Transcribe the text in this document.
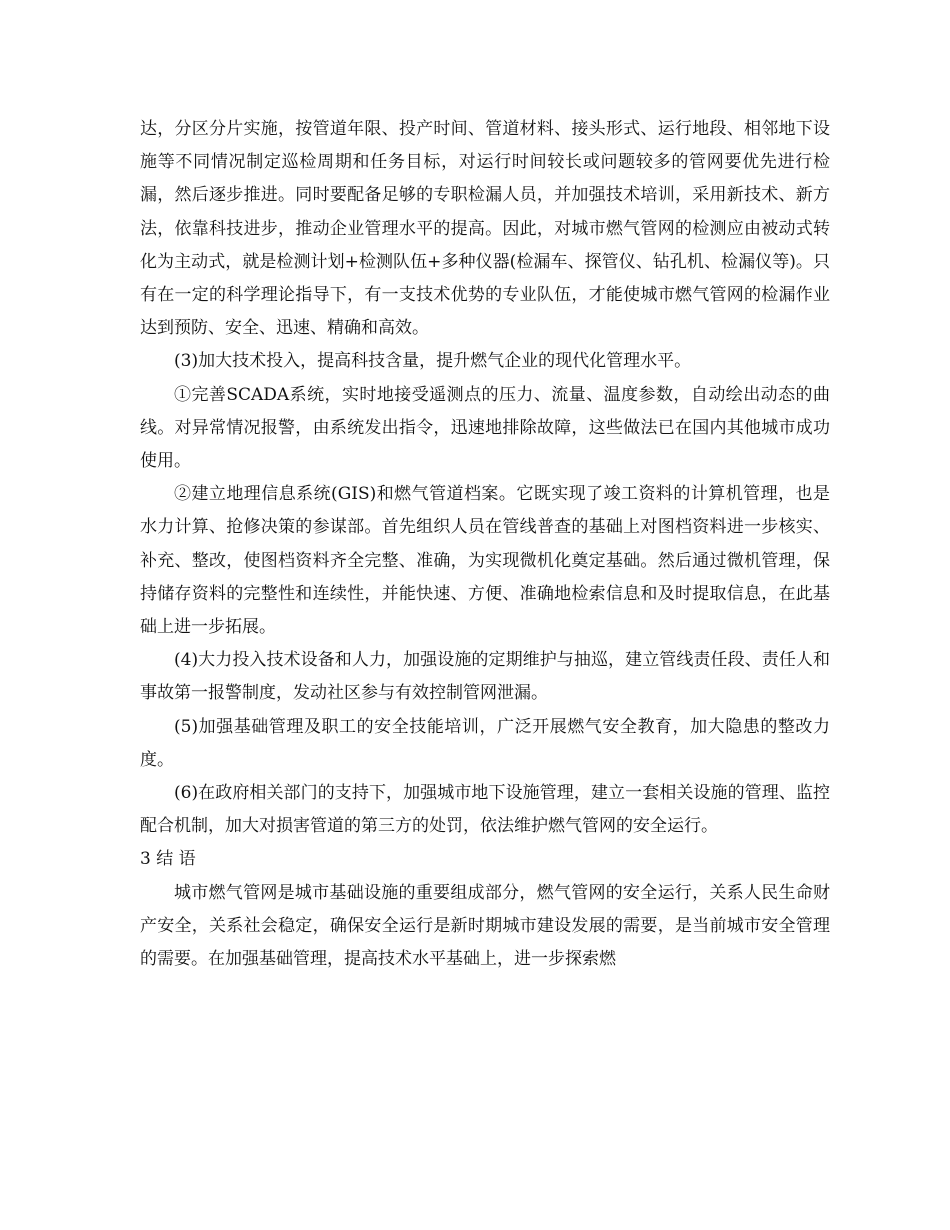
达，分区分片实施，按管道年限、投产时间、管道材料、接头形式、运行地段、相邻地下设施等不同情况制定巡检周期和任务目标，对运行时间较长或问题较多的管网要优先进行检漏，然后逐步推进。同时要配备足够的专职检漏人员，并加强技术培训，采用新技术、新方法，依靠科技进步，推动企业管理水平的提高。因此，对城市燃气管网的检测应由被动式转化为主动式，就是检测计划+检测队伍+多种仪器(检漏车、探管仪、钻孔机、检漏仪等)。只有在一定的科学理论指导下，有一支技术优势的专业队伍，才能使城市燃气管网的检漏作业达到预防、安全、迅速、精确和高效。

(3)加大技术投入，提高科技含量，提升燃气企业的现代化管理水平。

①完善SCADA系统，实时地接受遥测点的压力、流量、温度参数，自动绘出动态的曲线。对异常情况报警，由系统发出指令，迅速地排除故障，这些做法已在国内其他城市成功使用。

②建立地理信息系统(GIS)和燃气管道档案。它既实现了竣工资料的计算机管理，也是水力计算、抢修决策的参谋部。首先组织人员在管线普查的基础上对图档资料进一步核实、补充、整改，使图档资料齐全完整、准确，为实现微机化奠定基础。然后通过微机管理，保持储存资料的完整性和连续性，并能快速、方便、准确地检索信息和及时提取信息，在此基础上进一步拓展。

(4)大力投入技术设备和人力，加强设施的定期维护与抽巡，建立管线责任段、责任人和事故第一报警制度，发动社区参与有效控制管网泄漏。

(5)加强基础管理及职工的安全技能培训，广泛开展燃气安全教育，加大隐患的整改力度。

(6)在政府相关部门的支持下，加强城市地下设施管理，建立一套相关设施的管理、监控配合机制，加大对损害管道的第三方的处罚，依法维护燃气管网的安全运行。

3 结 语

城市燃气管网是城市基础设施的重要组成部分，燃气管网的安全运行，关系人民生命财产安全，关系社会稳定，确保安全运行是新时期城市建设发展的需要，是当前城市安全管理的需要。在加强基础管理，提高技术水平基础上，进一步探索燃
